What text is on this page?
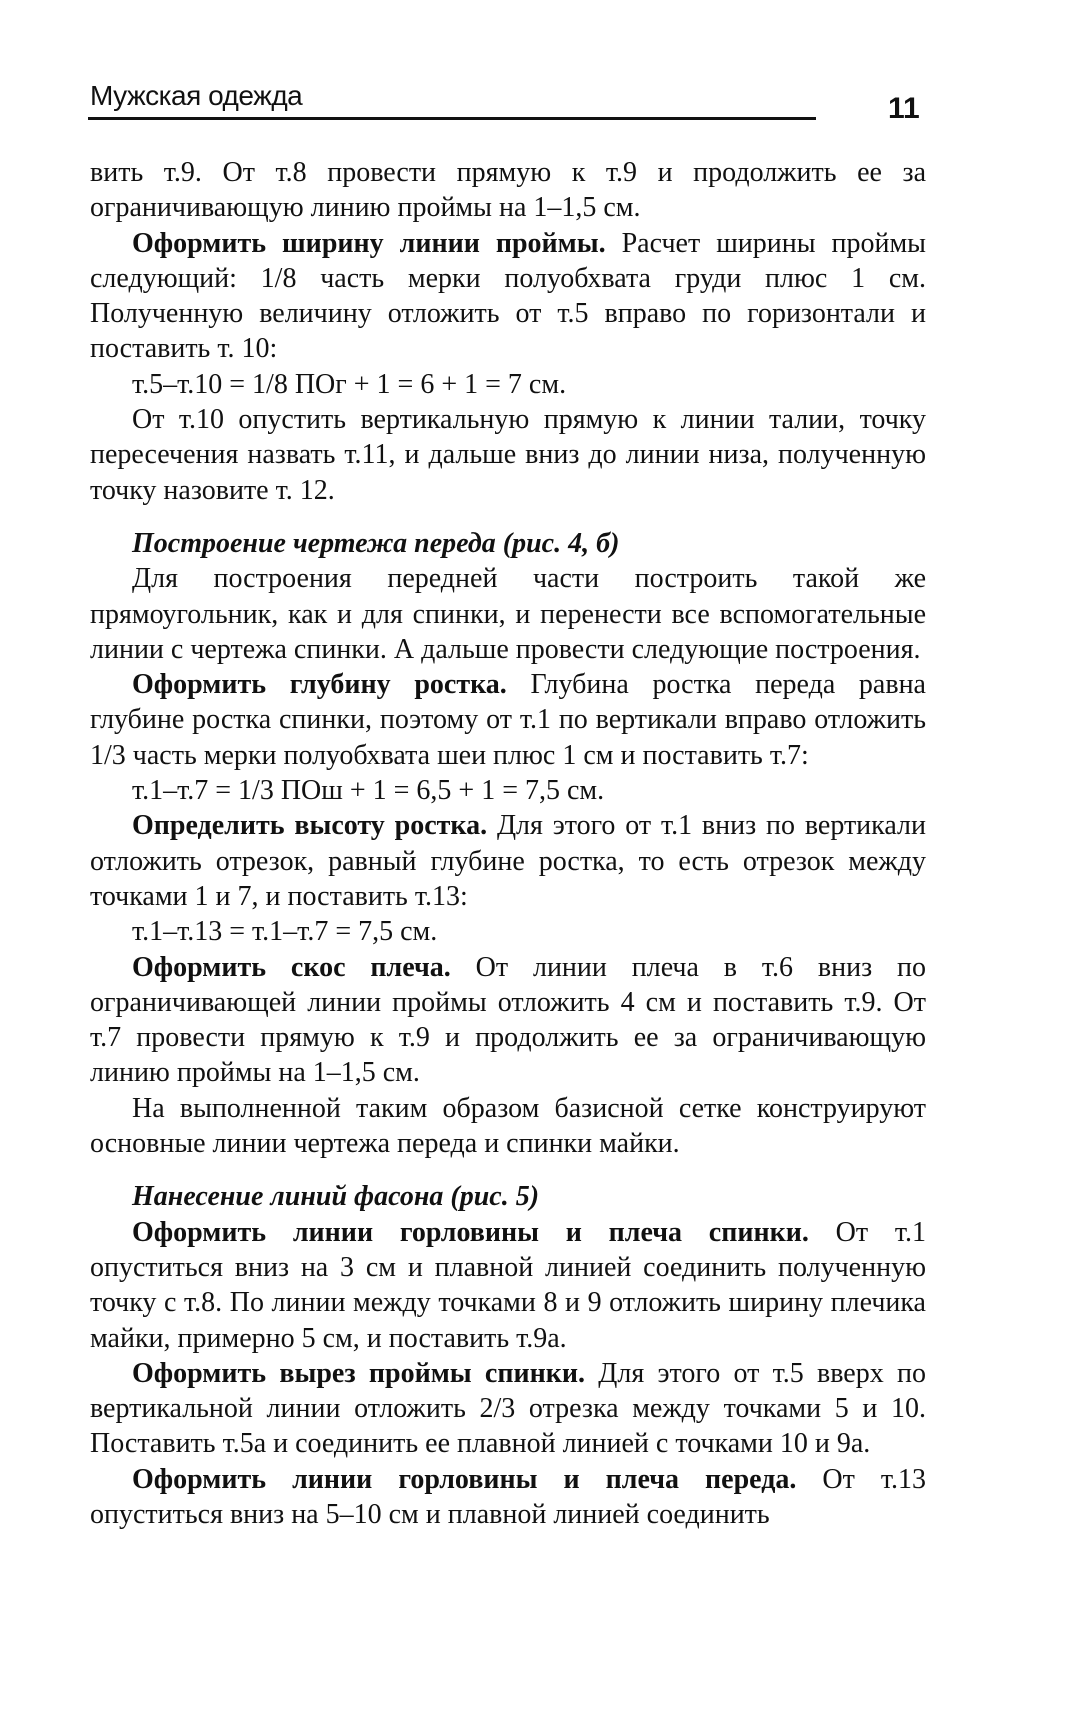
Мужская одежда	11

вить т.9. От т.8 провести прямую к т.9 и продолжить ее за ограничивающую линию проймы на 1–1,5 см.

Оформить ширину линии проймы. Расчет ширины проймы следующий: 1/8 часть мерки полуобхвата груди плюс 1 см. Полученную величину отложить от т.5 вправо по горизонтали и поставить т. 10:

т.5–т.10 = 1/8 ПОг + 1 = 6 + 1 = 7 см.

От т.10 опустить вертикальную прямую к линии талии, точку пересечения назвать т.11, и дальше вниз до линии низа, полученную точку назовите т. 12.

Построение чертежа переда (рис. 4, б)

Для построения передней части построить такой же прямоугольник, как и для спинки, и перенести все вспомогательные линии с чертежа спинки. А дальше провести следующие построения.

Оформить глубину ростка. Глубина ростка переда равна глубине ростка спинки, поэтому от т.1 по вертикали вправо отложить 1/3 часть мерки полуобхвата шеи плюс 1 см и поставить т.7:

т.1–т.7 = 1/3 ПОш + 1 = 6,5 + 1 = 7,5 см.

Определить высоту ростка. Для этого от т.1 вниз по вертикали отложить отрезок, равный глубине ростка, то есть отрезок между точками 1 и 7, и поставить т.13:

т.1–т.13 = т.1–т.7 = 7,5 см.

Оформить скос плеча. От линии плеча в т.6 вниз по ограничивающей линии проймы отложить 4 см и поставить т.9. От т.7 провести прямую к т.9 и продолжить ее за ограничивающую линию проймы на 1–1,5 см.

На выполненной таким образом базисной сетке конструируют основные линии чертежа переда и спинки майки.

Нанесение линий фасона (рис. 5)

Оформить линии горловины и плеча спинки. От т.1 опуститься вниз на 3 см и плавной линией соединить полученную точку с т.8. По линии между точками 8 и 9 отложить ширину плечика майки, примерно 5 см, и поставить т.9а.

Оформить вырез проймы спинки. Для этого от т.5 вверх по вертикальной линии отложить 2/3 отрезка между точками 5 и 10. Поставить т.5а и соединить ее плавной линией с точками 10 и 9а.

Оформить линии горловины и плеча переда. От т.13 опуститься вниз на 5–10 см и плавной линией соединить
